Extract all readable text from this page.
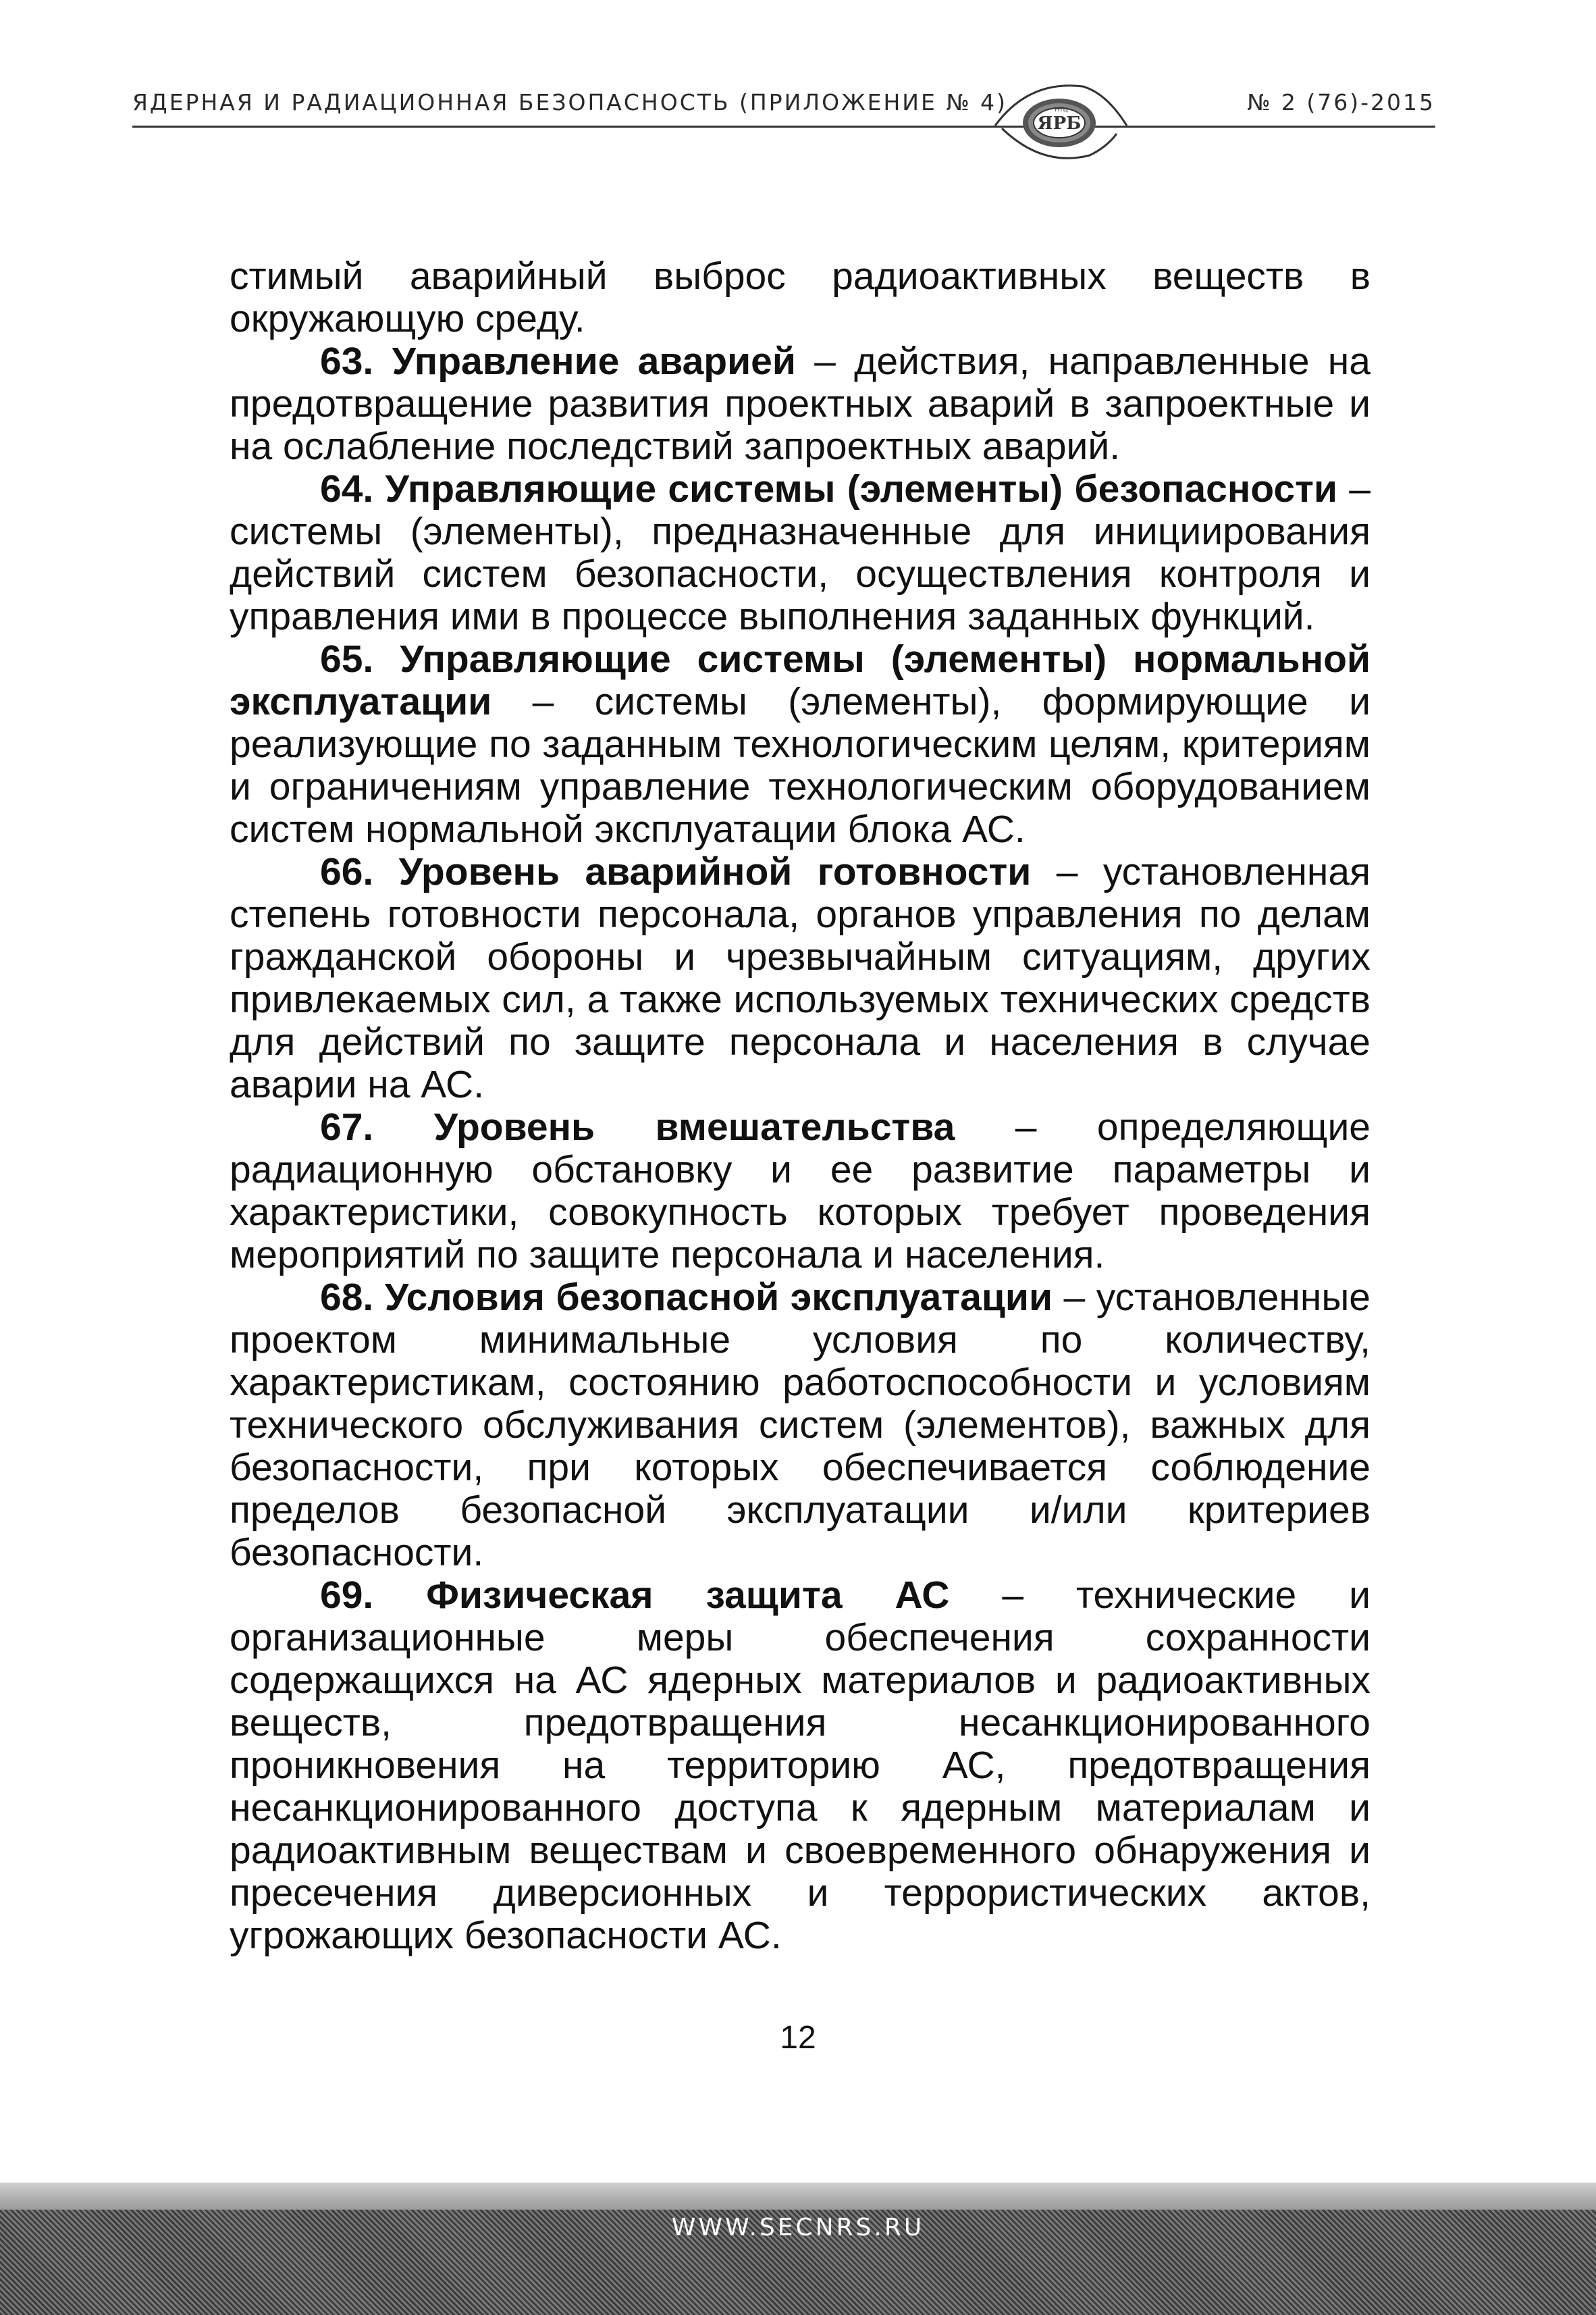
ЯДЕРНАЯ И РАДИАЦИОННАЯ БЕЗОПАСНОСТЬ (ПРИЛОЖЕНИЕ № 4)	№ 2 (76)-2015
ЯРБ
НТЦ

стимый аварийный выброс радиоактивных веществ в окружающую среду.

63. Управление аварией – действия, направленные на предотвращение развития проектных аварий в запроектные и на ослабление последствий запроектных аварий.

64. Управляющие системы (элементы) безопасности – системы (элементы), предназначенные для инициирования действий систем безопасности, осуществления контроля и управления ими в процессе выполнения заданных функций.

65. Управляющие системы (элементы) нормальной эксплуатации – системы (элементы), формирующие и реализующие по заданным технологическим целям, критериям и ограничениям управление технологическим оборудованием систем нормальной эксплуатации блока АС.

66. Уровень аварийной готовности – установленная степень готовности персонала, органов управления по делам гражданской обороны и чрезвычайным ситуациям, других привлекаемых сил, а также используемых технических средств для действий по защите персонала и населения в случае аварии на АС.

67. Уровень вмешательства – определяющие радиационную обстановку и ее развитие параметры и характеристики, совокупность которых требует проведения мероприятий по защите персонала и населения.

68. Условия безопасной эксплуатации – установленные проектом минимальные условия по количеству, характеристикам, состоянию работоспособности и условиям технического обслуживания систем (элементов), важных для безопасности, при которых обеспечивается соблюдение пределов безопасной эксплуатации и/или критериев безопасности.

69. Физическая защита АС – технические и организационные меры обеспечения сохранности содержащихся на АС ядерных материалов и радиоактивных веществ, предотвращения несанкционированного проникновения на территорию АС, предотвращения несанкционированного доступа к ядерным материалам и радиоактивным веществам и своевременного обнаружения и пресечения диверсионных и террористических актов, угрожающих безопасности АС.

12
WWW.SECNRS.RU
